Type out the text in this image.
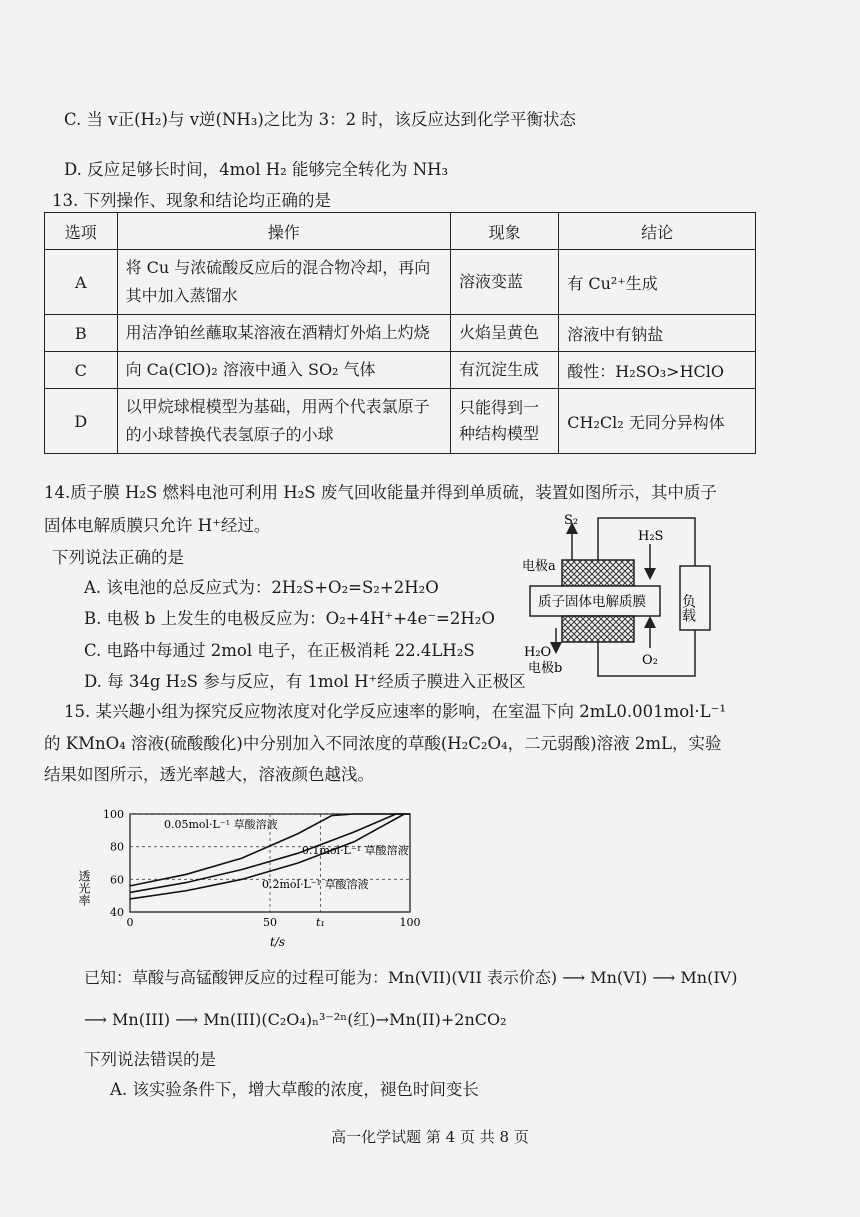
C. 当 v正(H₂)与 v逆(NH₃)之比为 3：2 时，该反应达到化学平衡状态
D. 反应足够长时间，4mol H₂ 能够完全转化为 NH₃
13. 下列操作、现象和结论均正确的是
选项	操作	现象	结论
A	将 Cu 与浓硫酸反应后的混合物冷却，再向其中加入蒸馏水	溶液变蓝	有 Cu²⁺生成
B	用洁净铂丝蘸取某溶液在酒精灯外焰上灼烧	火焰呈黄色	溶液中有钠盐
C	向 Ca(ClO)₂ 溶液中通入 SO₂ 气体	有沉淀生成	酸性：H₂SO₃>HClO
D	以甲烷球棍模型为基础，用两个代表氯原子的小球替换代表氢原子的小球	只能得到一种结构模型	CH₂Cl₂ 无同分异构体
14.质子膜 H₂S 燃料电池可利用 H₂S 废气回收能量并得到单质硫，装置如图所示，其中质子
固体电解质膜只允许 H⁺经过。
下列说法正确的是
A. 该电池的总反应式为：2H₂S+O₂=S₂+2H₂O
B. 电极 b 上发生的电极反应为：O₂+4H⁺+4e⁻=2H₂O
C. 电路中每通过 2mol 电子，在正极消耗 22.4LH₂S
D. 每 34g H₂S 参与反应，有 1mol H⁺经质子膜进入正极区
S₂
H₂S
电极a
质子固体电解质膜 负载
H₂O
O₂
电极b
15. 某兴趣小组为探究反应物浓度对化学反应速率的影响，在室温下向 2mL0.001mol·L⁻¹
的 KMnO₄ 溶液(硫酸酸化)中分别加入不同浓度的草酸(H₂C₂O₄，二元弱酸)溶液 2mL，实验
结果如图所示，透光率越大，溶液颜色越浅。
40
60
80
100
0	50	t₁	100
透光率
t/s
0.05mol·L⁻¹ 草酸溶液
0.1mol·L⁻¹ 草酸溶液
0.2mol·L⁻¹ 草酸溶液
已知：草酸与高锰酸钾反应的过程可能为：Mn(VII)(VII 表示价态) ⟶ Mn(VI) ⟶ Mn(IV)
⟶ Mn(III) ⟶ Mn(III)(C₂O₄)ₙ³⁻²ⁿ(红)→Mn(II)+2nCO₂
下列说法错误的是
A. 该实验条件下，增大草酸的浓度，褪色时间变长
高一化学试题 第 4 页 共 8 页
